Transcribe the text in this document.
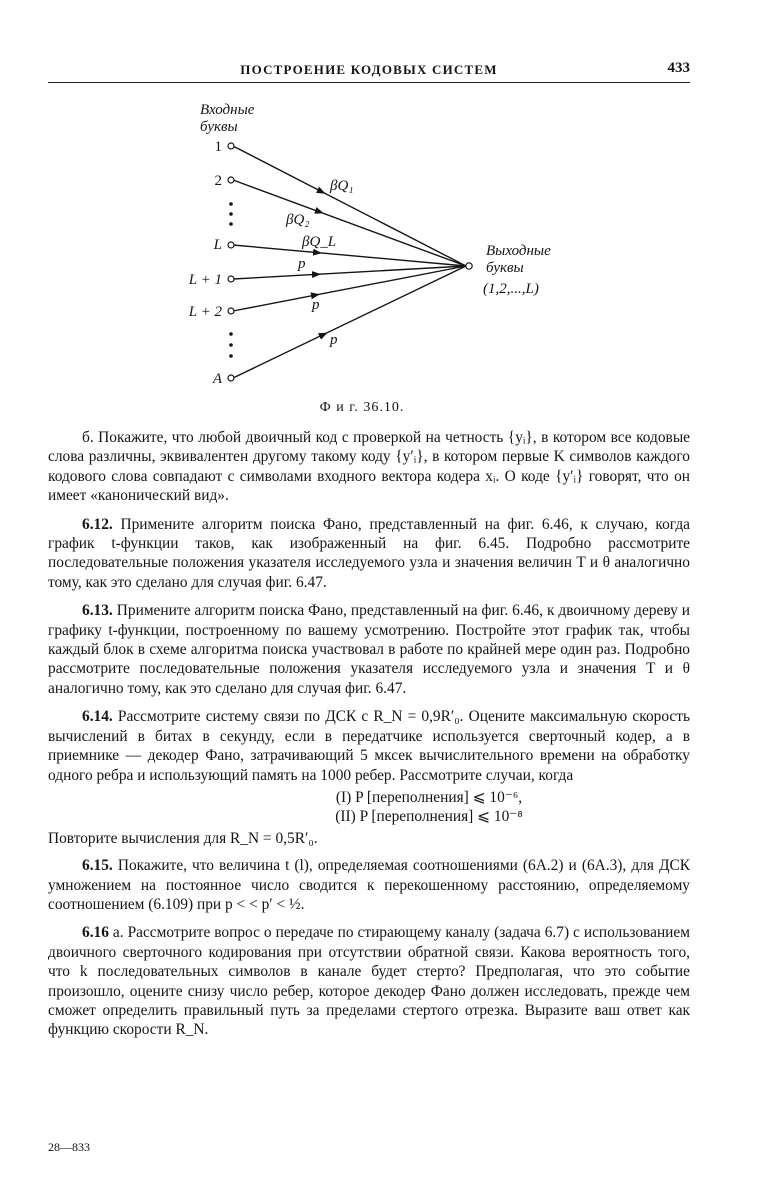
ПОСТРОЕНИЕ КОДОВЫХ СИСТЕМ	433
Входные
буквы
1
2
L
L + 1
L + 2
A
βQ₁
βQ₂
βQ_L
p
p
p
Выходные
буквы
(1,2,...,L)
Ф и г. 36.10.

б. Покажите, что любой двоичный код с проверкой на четность {yᵢ}, в котором все кодовые слова различны, эквивалентен другому такому коду {y′ᵢ}, в котором первые K символов каждого кодового слова совпадают с символами входного вектора кодера xᵢ. О коде {y′ᵢ} говорят, что он имеет «канонический вид».

6.12. Примените алгоритм поиска Фано, представленный на фиг. 6.46, к случаю, когда график t-функции таков, как изображенный на фиг. 6.45. Подробно рассмотрите последовательные положения указателя исследуемого узла и значения величин T и θ аналогично тому, как это сделано для случая фиг. 6.47.

6.13. Примените алгоритм поиска Фано, представленный на фиг. 6.46, к двоичному дереву и графику t-функции, построенному по вашему усмотрению. Постройте этот график так, чтобы каждый блок в схеме алгоритма поиска участвовал в работе по крайней мере один раз. Подробно рассмотрите последовательные положения указателя исследуемого узла и значения T и θ аналогично тому, как это сделано для случая фиг. 6.47.

6.14. Рассмотрите систему связи по ДСК с R_N = 0,9R′₀. Оцените максимальную скорость вычислений в битах в секунду, если в передатчике используется сверточный кодер, а в приемнике — декодер Фано, затрачивающий 5 мксек вычислительного времени на обработку одного ребра и использующий память на 1000 ребер. Рассмотрите случаи, когда

(I) P [переполнения] ⩽ 10⁻⁶,
(II) P [переполнения] ⩽ 10⁻⁸

Повторите вычисления для R_N = 0,5R′₀.

6.15. Покажите, что величина t (l), определяемая соотношениями (6А.2) и (6А.3), для ДСК умножением на постоянное число сводится к перекошенному расстоянию, определяемому соотношением (6.109) при p < < p′ < ½.

6.16 а. Рассмотрите вопрос о передаче по стирающему каналу (задача 6.7) с использованием двоичного сверточного кодирования при отсутствии обратной связи. Какова вероятность того, что k последовательных символов в канале будет стерто? Предполагая, что это событие произошло, оцените снизу число ребер, которое декодер Фано должен исследовать, прежде чем сможет определить правильный путь за пределами стертого отрезка. Выразите ваш ответ как функцию скорости R_N.

28—833
